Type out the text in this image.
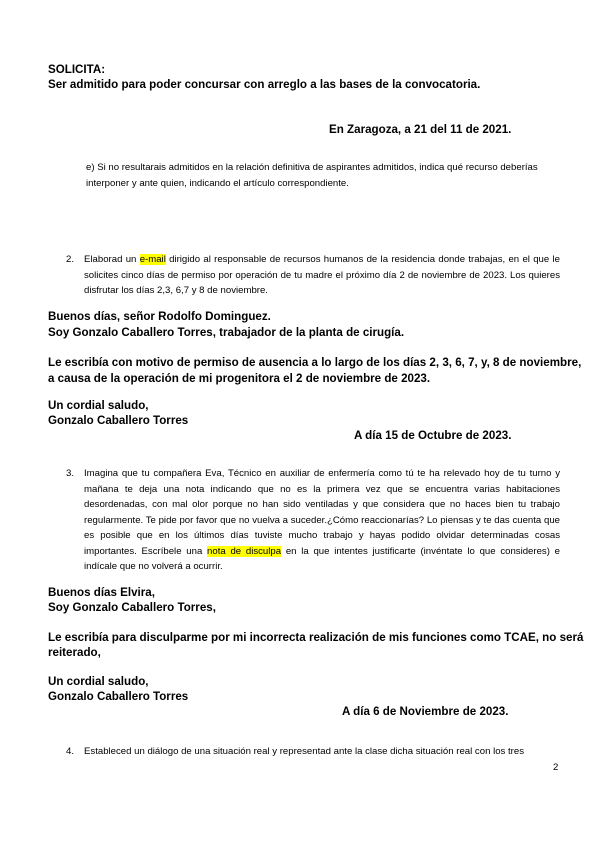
SOLICITA:
Ser admitido para poder concursar con arreglo a las bases de la convocatoria.
En Zaragoza, a 21 del 11 de 2021.
e) Si no resultarais admitidos en la relación definitiva de aspirantes admitidos, indica qué recurso deberías
interponer y ante quien, indicando el artículo correspondiente.
2. Elaborad un e-mail dirigido al responsable de recursos humanos de la residencia donde trabajas, en el que le solicites cinco días de permiso por operación de tu madre el próximo día 2 de noviembre de 2023. Los quieres disfrutar los días 2,3, 6,7 y 8 de noviembre.
Buenos días, señor Rodolfo Dominguez.
Soy Gonzalo Caballero Torres, trabajador de la planta de cirugía.
Le escribía con motivo de permiso de ausencia a lo largo de los días 2, 3, 6, 7, y, 8 de noviembre,
a causa de la operación de mi progenitora el 2 de noviembre de 2023.
Un cordial saludo,
Gonzalo Caballero Torres
A día 15 de Octubre de 2023.
3. Imagina que tu compañera Eva, Técnico en auxiliar de enfermería como tú te ha relevado hoy de tu turno y mañana te deja una nota indicando que no es la primera vez que se encuentra varias habitaciones desordenadas, con mal olor porque no han sido ventiladas y que considera que no haces bien tu trabajo regularmente. Te pide por favor que no vuelva a suceder.¿Cómo reaccionarías? Lo piensas y te das cuenta que es posible que en los últimos días tuviste mucho trabajo y hayas podido olvidar determinadas cosas importantes. Escríbele una nota de disculpa en la que intentes justificarte (invéntate lo que consideres) e indícale que no volverá a ocurrir.
Buenos días Elvira,
Soy Gonzalo Caballero Torres,
Le escribía para disculparme por mi incorrecta realización de mis funciones como TCAE, no será
reiterado,
Un cordial saludo,
Gonzalo Caballero Torres
A día 6 de Noviembre de 2023.
4. Estableced un diálogo de una situación real y representad ante la clase dicha situación real con los tres
2
